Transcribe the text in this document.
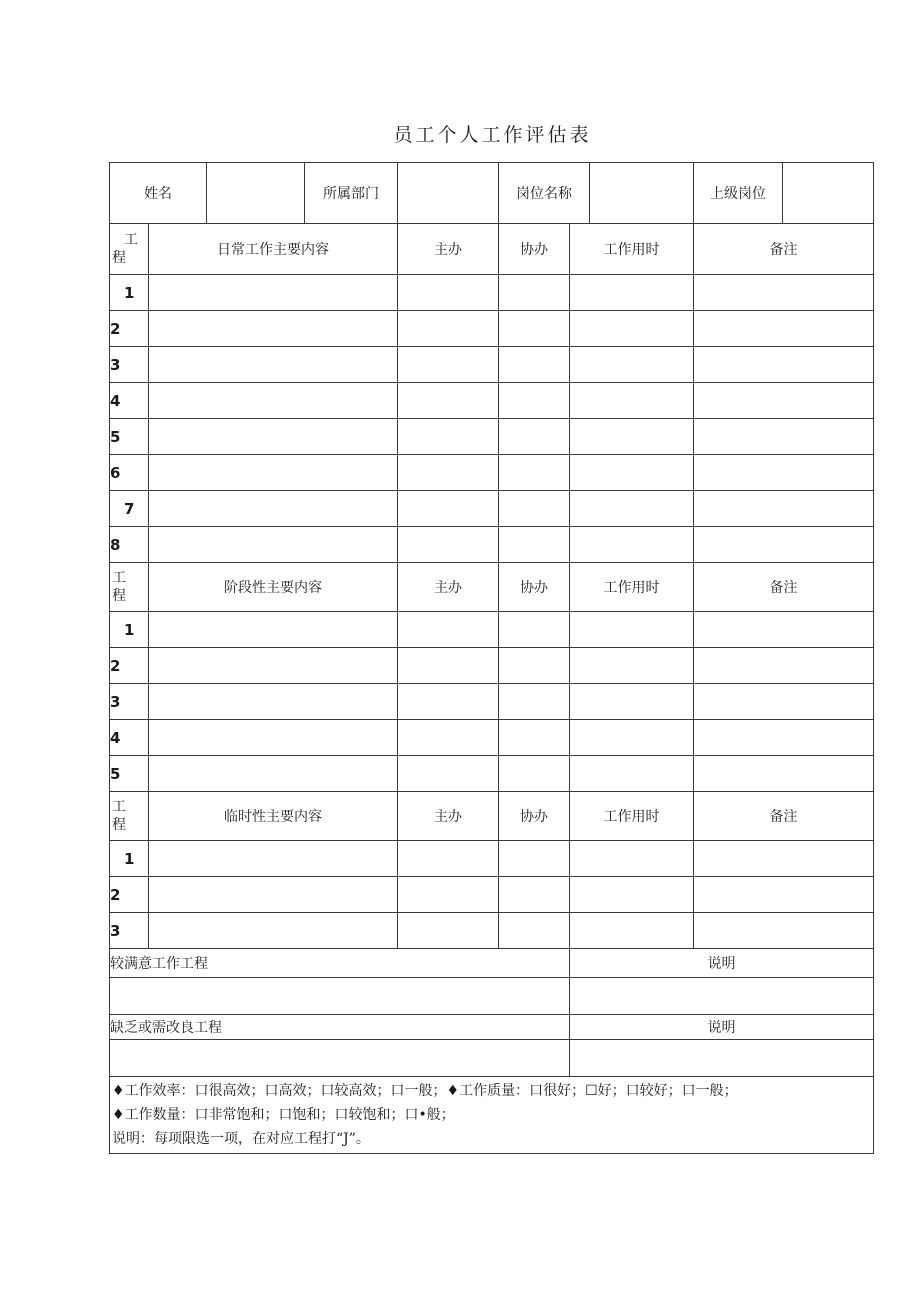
员工个人工作评估表
姓名			所属部门		岗位名称			上级岗位	

工
程	日常工作主要内容			主办	协办	工作用时		备注	
1									
2									
3									
4									
5									
6									
7									
8									

工
程	阶段性主要内容			主办	协办	工作用时		备注	
1									
2									
3									
4									
5									

工
程	临时性主要内容			主办	协办	工作用时		备注	
1									
2									
3									
较满意工作工程						说明			

缺乏或需改良工程						说明			

♦工作效率：口很高效；口高效；口较高效；口一般；♦工作质量：口很好；☐好；口较好；口一般；
♦工作数量：口非常饱和；口饱和；口较饱和；口•般；
说明：每项限选一项，在对应工程打“J”。									
